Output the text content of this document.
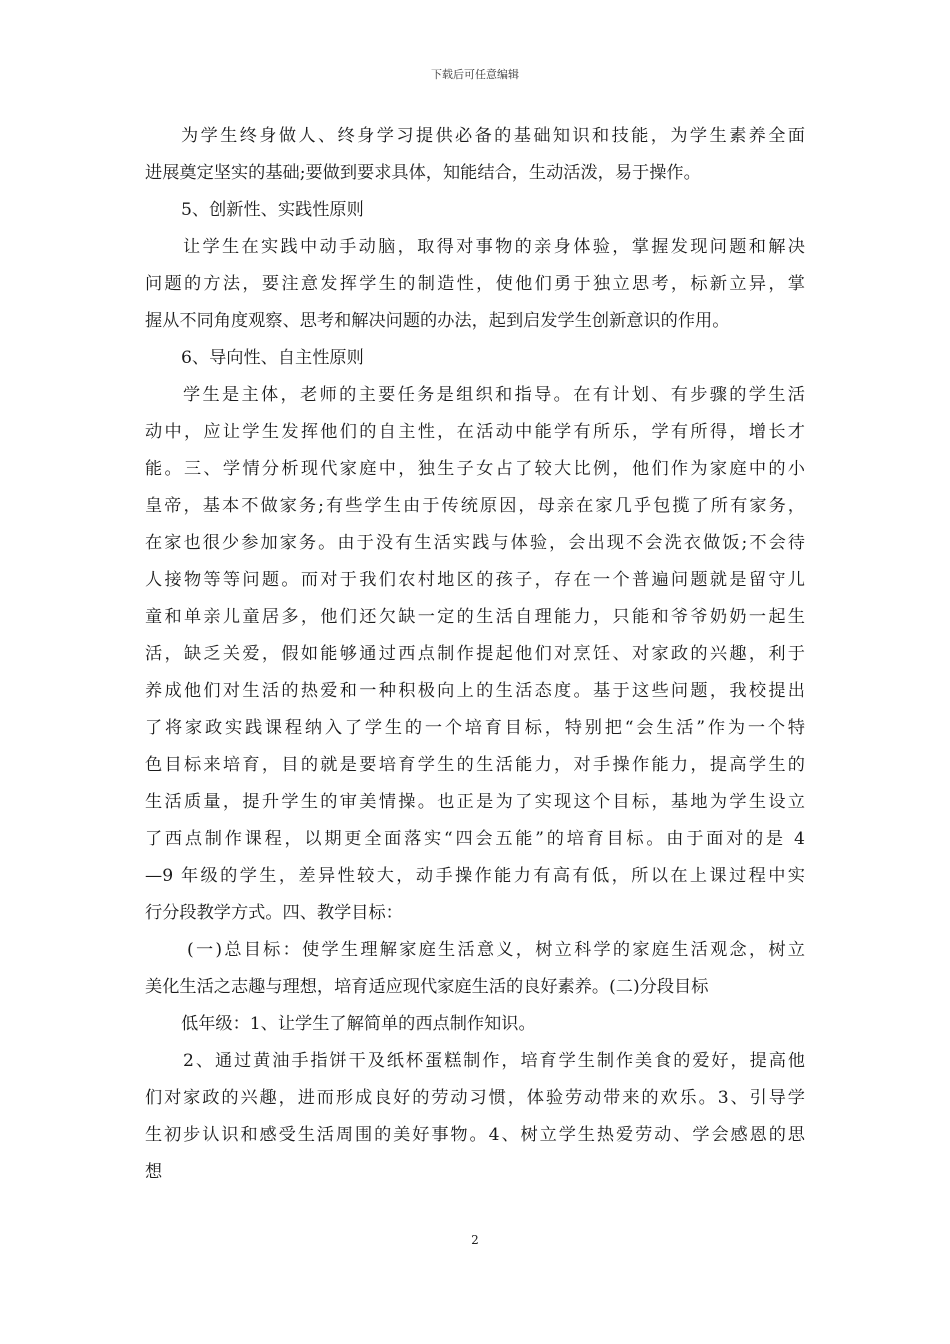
下载后可任意编辑
为学生终身做人、终身学习提供必备的基础知识和技能，为学生素养全面
进展奠定坚实的基础;要做到要求具体，知能结合，生动活泼，易于操作。
5、创新性、实践性原则
让学生在实践中动手动脑，取得对事物的亲身体验，掌握发现问题和解决
问题的方法，要注意发挥学生的制造性，使他们勇于独立思考，标新立异，掌
握从不同角度观察、思考和解决问题的办法，起到启发学生创新意识的作用。
6、导向性、自主性原则
学生是主体，老师的主要任务是组织和指导。在有计划、有步骤的学生活
动中，应让学生发挥他们的自主性，在活动中能学有所乐，学有所得，增长才
能。三、学情分析现代家庭中，独生子女占了较大比例，他们作为家庭中的小
皇帝，基本不做家务;有些学生由于传统原因，母亲在家几乎包揽了所有家务，
在家也很少参加家务。由于没有生活实践与体验，会出现不会洗衣做饭;不会待
人接物等等问题。而对于我们农村地区的孩子，存在一个普遍问题就是留守儿
童和单亲儿童居多，他们还欠缺一定的生活自理能力，只能和爷爷奶奶一起生
活，缺乏关爱，假如能够通过西点制作提起他们对烹饪、对家政的兴趣，利于
养成他们对生活的热爱和一种积极向上的生活态度。基于这些问题，我校提出
了将家政实践课程纳入了学生的一个培育目标，特别把“会生活”作为一个特
色目标来培育，目的就是要培育学生的生活能力，对手操作能力，提高学生的
生活质量，提升学生的审美情操。也正是为了实现这个目标，基地为学生设立
了西点制作课程，以期更全面落实“四会五能”的培育目标。由于面对的是 4
—9 年级的学生，差异性较大，动手操作能力有高有低，所以在上课过程中实
行分段教学方式。四、教学目标：
(一)总目标：使学生理解家庭生活意义，树立科学的家庭生活观念，树立
美化生活之志趣与理想，培育适应现代家庭生活的良好素养。(二)分段目标
低年级：1、让学生了解简单的西点制作知识。
2、通过黄油手指饼干及纸杯蛋糕制作，培育学生制作美食的爱好，提高他
们对家政的兴趣，进而形成良好的劳动习惯，体验劳动带来的欢乐。3、引导学
生初步认识和感受生活周围的美好事物。4、树立学生热爱劳动、学会感恩的思
想
2
